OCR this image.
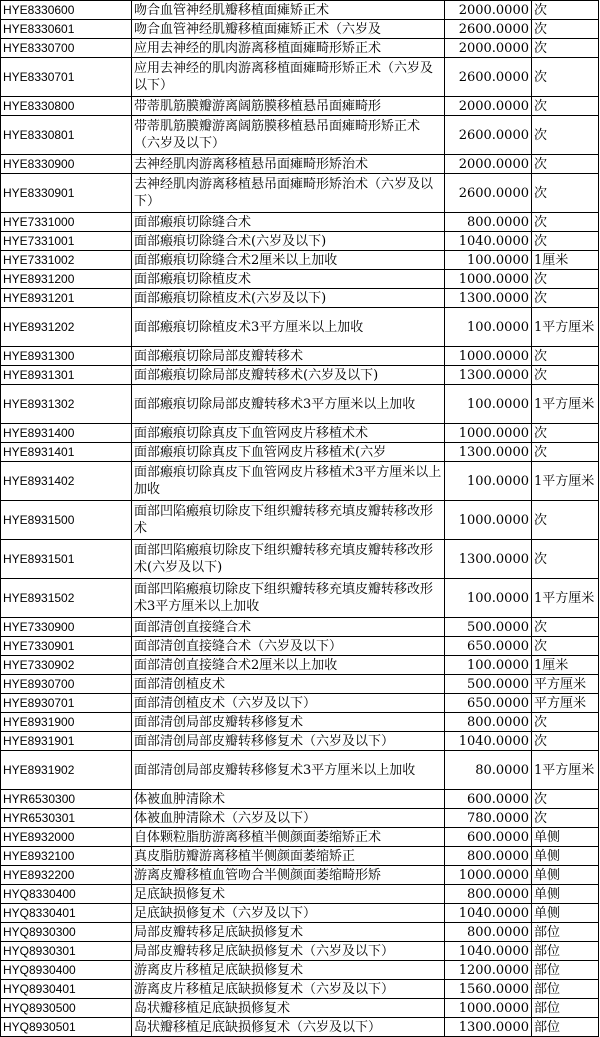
HYE8330600	吻合血管神经肌瓣移植面瘫矫正术	2000.0000	次
HYE8330601	吻合血管神经肌瓣移植面瘫矫正术（六岁及	2600.0000	次
HYE8330700	应用去神经的肌肉游离移植面瘫畸形矫正术	2000.0000	次
HYE8330701	应用去神经的肌肉游离移植面瘫畸形矫正术（六岁及以下）	2600.0000	次
HYE8330800	带蒂肌筋膜瓣游离阔筋膜移植悬吊面瘫畸形	2000.0000	次
HYE8330801	带蒂肌筋膜瓣游离阔筋膜移植悬吊面瘫畸形矫正术（六岁及以下）	2600.0000	次
HYE8330900	去神经肌肉游离移植悬吊面瘫畸形矫治术	2000.0000	次
HYE8330901	去神经肌肉游离移植悬吊面瘫畸形矫治术（六岁及以下）	2600.0000	次
HYE7331000	面部瘢痕切除缝合术	800.0000	次
HYE7331001	面部瘢痕切除缝合术(六岁及以下)	1040.0000	次
HYE7331002	面部瘢痕切除缝合术2厘米以上加收	100.0000	1厘米
HYE8931200	面部瘢痕切除植皮术	1000.0000	次
HYE8931201	面部瘢痕切除植皮术(六岁及以下)	1300.0000	次
HYE8931202	面部瘢痕切除植皮术3平方厘米以上加收	100.0000	1平方厘米
HYE8931300	面部瘢痕切除局部皮瓣转移术	1000.0000	次
HYE8931301	面部瘢痕切除局部皮瓣转移术(六岁及以下)	1300.0000	次
HYE8931302	面部瘢痕切除局部皮瓣转移术3平方厘米以上加收	100.0000	1平方厘米
HYE8931400	面部瘢痕切除真皮下血管网皮片移植术术	1000.0000	次
HYE8931401	面部瘢痕切除真皮下血管网皮片移植术(六岁	1300.0000	次
HYE8931402	面部瘢痕切除真皮下血管网皮片移植术3平方厘米以上加收	100.0000	1平方厘米
HYE8931500	面部凹陷瘢痕切除皮下组织瓣转移充填皮瓣转移改形术	1000.0000	次
HYE8931501	面部凹陷瘢痕切除皮下组织瓣转移充填皮瓣转移改形术(六岁及以下)	1300.0000	次
HYE8931502	面部凹陷瘢痕切除皮下组织瓣转移充填皮瓣转移改形术3平方厘米以上加收	100.0000	1平方厘米
HYE7330900	面部清创直接缝合术	500.0000	次
HYE7330901	面部清创直接缝合术（六岁及以下）	650.0000	次
HYE7330902	面部清创直接缝合术2厘米以上加收	100.0000	1厘米
HYE8930700	面部清创植皮术	500.0000	平方厘米
HYE8930701	面部清创植皮术（六岁及以下）	650.0000	平方厘米
HYE8931900	面部清创局部皮瓣转移修复术	800.0000	次
HYE8931901	面部清创局部皮瓣转移修复术（六岁及以下）	1040.0000	次
HYE8931902	面部清创局部皮瓣转移修复术3平方厘米以上加收	80.0000	1平方厘米
HYR6530300	体被血肿清除术	600.0000	次
HYR6530301	体被血肿清除术（六岁及以下）	780.0000	次
HYE8932000	自体颗粒脂肪游离移植半侧颜面萎缩矫正术	600.0000	单侧
HYE8932100	真皮脂肪瓣游离移植半侧颜面萎缩矫正	800.0000	单侧
HYE8932200	游离皮瓣移植血管吻合半侧颜面萎缩畸形矫	1000.0000	单侧
HYQ8330400	足底缺损修复术	800.0000	单侧
HYQ8330401	足底缺损修复术（六岁及以下）	1040.0000	单侧
HYQ8930300	局部皮瓣转移足底缺损修复术	800.0000	部位
HYQ8930301	局部皮瓣转移足底缺损修复术（六岁及以下）	1040.0000	部位
HYQ8930400	游离皮片移植足底缺损修复术	1200.0000	部位
HYQ8930401	游离皮片移植足底缺损修复术（六岁及以下）	1560.0000	部位
HYQ8930500	岛状瓣移植足底缺损修复术	1000.0000	部位
HYQ8930501	岛状瓣移植足底缺损修复术（六岁及以下）	1300.0000	部位
